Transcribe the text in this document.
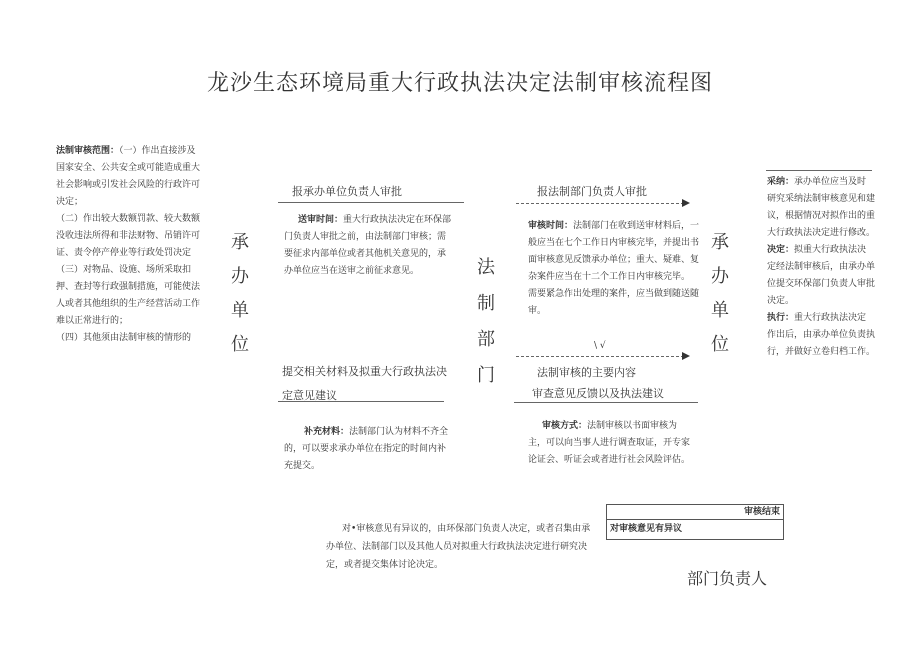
龙沙生态环境局重大行政执法决定法制审核流程图
法制审核范围：（一）作出直接涉及国家安全、公共安全或可能造成重大社会影响或引发社会风险的行政许可决定；
（二）作出较大数额罚款、较大数额没收违法所得和非法财物、吊销许可证、责令停产停业等行政处罚决定
（三）对物品、设施、场所采取扣押、查封等行政强制措施，可能使法人或者其他组织的生产经营活动工作难以正常进行的；
（四）其他须由法制审核的情形的
承
办
单
位
报承办单位负责人审批
送审时间：重大行政执法决定在环保部门负责人审批之前，由法制部门审核；需要征求内部单位或者其他机关意见的，承办单位应当在送审之前征求意见。
提交相关材料及拟重大行政执法决定意见建议
补充材料：法制部门认为材料不齐全的，可以要求承办单位在指定的时间内补充提交。
法
制
部
门
报法制部门负责人审批
审核时间：法制部门在收到送审材料后，一般应当在七个工作日内审核完毕，并提出书面审核意见反馈承办单位；重大、疑难、复杂案件应当在十二个工作日内审核完毕。
需要紧急作出处理的案件，应当做到随送随审。
\ √
法制审核的主要内容
审查意见反馈以及执法建议
审核方式：法制审核以书面审核为主，可以向当事人进行调查取证，开专家论证会、听证会或者进行社会风险评估。
承
办
单
位
采纳：承办单位应当及时研究采纳法制审核意见和建议，根据情况对拟作出的重大行政执法决定进行修改。
决定：拟重大行政执法决定经法制审核后，由承办单位提交环保部门负责人审批决定。
执行：重大行政执法决定作出后，由承办单位负责执行，并做好立卷归档工作。
对•审核意见有异议的，由环保部门负责人决定，或者召集由承办单位、法制部门以及其他人员对拟重大行政执法决定进行研究决定，或者提交集体讨论决定。
审核结束
对审核意见有异议
部门负责人
